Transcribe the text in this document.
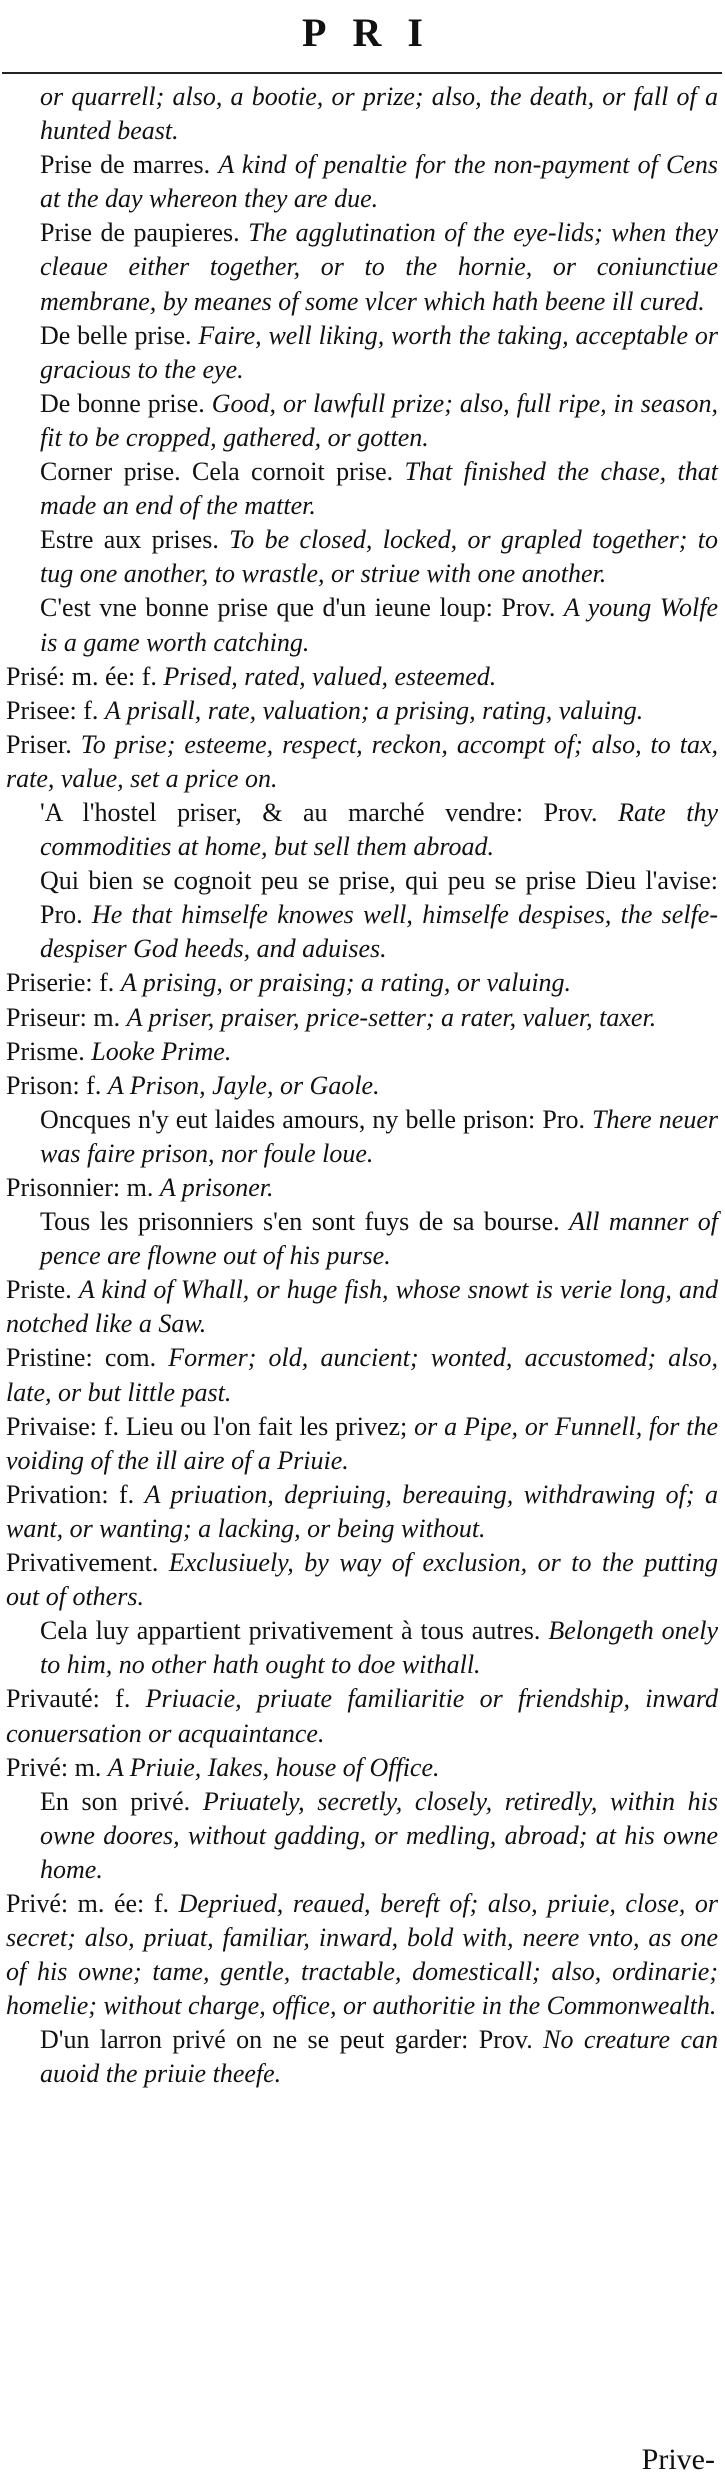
PRI
or quarrell; also, a bootie, or prize; also, the death, or fall of a hunted beast.
Prise de marres. A kind of penaltie for the non-payment of Cens at the day whereon they are due.
Prise de paupieres. The agglutination of the eye-lids; when they cleaue either together, or to the hornie, or coniunctiue membrane, by meanes of some vlcer which hath beene ill cured.
De belle prise. Faire, well liking, worth the taking, acceptable or gracious to the eye.
De bonne prise. Good, or lawfull prize; also, full ripe, in season, fit to be cropped, gathered, or gotten.
Corner prise. Cela cornoit prise. That finished the chase, that made an end of the matter.
Estre aux prises. To be closed, locked, or grapled together; to tug one another, to wrastle, or striue with one another.
C'est vne bonne prise que d'un ieune loup: Prov. A young Wolfe is a game worth catching.
Prisé: m. ée: f. Prised, rated, valued, esteemed.
Prisee: f. A prisall, rate, valuation; a prising, rating, valuing.
Priser. To prise; esteeme, respect, reckon, accompt of; also, to tax, rate, value, set a price on.
'A l'hostel priser, & au marché vendre: Prov. Rate thy commodities at home, but sell them abroad.
Qui bien se cognoit peu se prise, qui peu se prise Dieu l'avise: Pro. He that himselfe knowes well, himselfe despises, the selfe-despiser God heeds, and aduises.
Priserie: f. A prising, or praising; a rating, or valuing.
Priseur: m. A priser, praiser, price-setter; a rater, valuer, taxer.
Prisme. Looke Prime.
Prison: f. A Prison, Jayle, or Gaole.
Oncques n'y eut laides amours, ny belle prison: Pro. There neuer was faire prison, nor foule loue.
Prisonnier: m. A prisoner.
Tous les prisonniers s'en sont fuys de sa bourse. All manner of pence are flowne out of his purse.
Priste. A kind of Whall, or huge fish, whose snowt is verie long, and notched like a Saw.
Pristine: com. Former; old, auncient; wonted, accustomed; also, late, or but little past.
Privaise: f. Lieu ou l'on fait les privez; or a Pipe, or Funnell, for the voiding of the ill aire of a Priuie.
Privation: f. A priuation, depriuing, bereauing, withdrawing of; a want, or wanting; a lacking, or being without.
Privativement. Exclusiuely, by way of exclusion, or to the putting out of others.
Cela luy appartient privativement à tous autres. Belongeth onely to him, no other hath ought to doe withall.
Privauté: f. Priuacie, priuate familiaritie or friendship, inward conuersation or acquaintance.
Privé: m. A Priuie, Iakes, house of Office.
En son privé. Priuately, secretly, closely, retiredly, within his owne doores, without gadding, or medling, abroad; at his owne home.
Privé: m. ée: f. Depriued, reaued, bereft of; also, priuie, close, or secret; also, priuat, familiar, inward, bold with, neere vnto, as one of his owne; tame, gentle, tractable, domesticall; also, ordinarie; homelie; without charge, office, or authoritie in the Commonwealth.
D'un larron privé on ne se peut garder: Prov. No creature can auoid the priuie theefe.
Prive-
